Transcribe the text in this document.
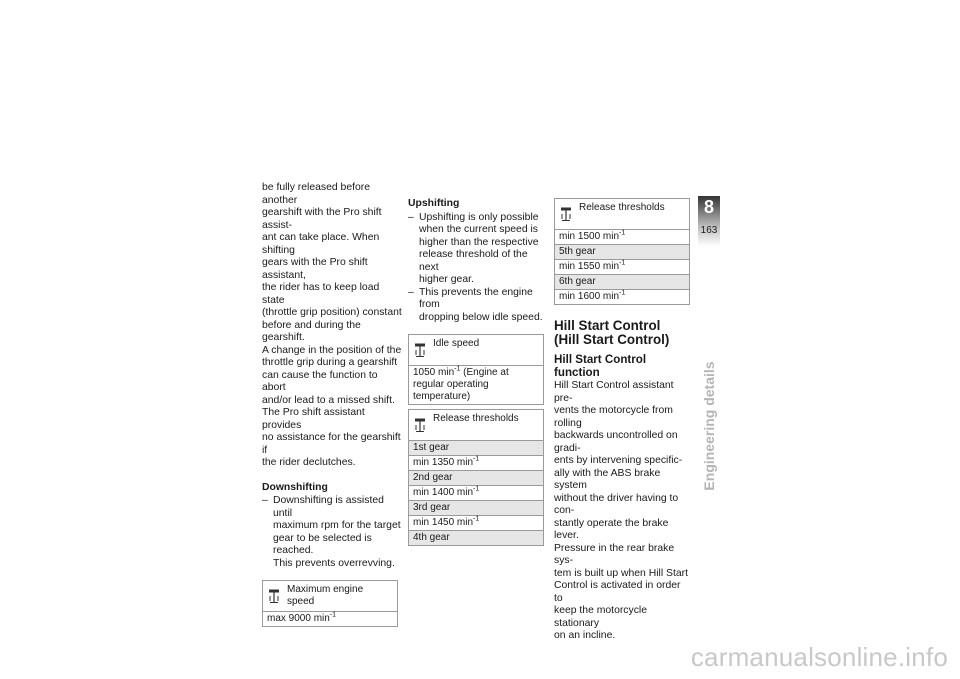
be fully released before another

gearshift with the Pro shift assist-

ant can take place. When shifting

gears with the Pro shift assistant,

the rider has to keep load state

(throttle grip position) constant

before and during the gearshift.

A change in the position of the

throttle grip during a gearshift

can cause the function to abort

and/or lead to a missed shift.

The Pro shift assistant provides

no assistance for the gearshift if

the rider declutches.

Downshifting

– Downshifting is assisted until
maximum rpm for the target
gear to be selected is reached.
This prevents overrevving.
Maximum engine speed

max 9000 $\min^{-1}$

Upshifting

– Upshifting is only possible
when the current speed is
higher than the respective
release threshold of the next
higher gear.
– This prevents the engine from
dropping below idle speed.
Idle speed

1050 $\min^{-1}$ (Engine at regular operating temperature)
Release thresholds

1st gear
min 1350 $\min^{-1}$
2nd gear
min 1400 $\min^{-1}$
3rd gear
min 1450 $\min^{-1}$
4th gear
Release thresholds

min 1500 $\min^{-1}$
5th gear
min 1550 $\min^{-1}$
6th gear
min 1600 $\min^{-1}$

Hill Start Control

(Hill Start Control)

Hill Start Control function

Hill Start Control assistant pre-

vents the motorcycle from rolling

backwards uncontrolled on gradi-

ents by intervening specific-

ally with the ABS brake system

without the driver having to con-

stantly operate the brake lever.

Pressure in the rear brake sys-

tem is built up when Hill Start

Control is activated in order to

keep the motorcycle stationary

on an incline.

8
163
Engineering details
carmanualsonline.info
